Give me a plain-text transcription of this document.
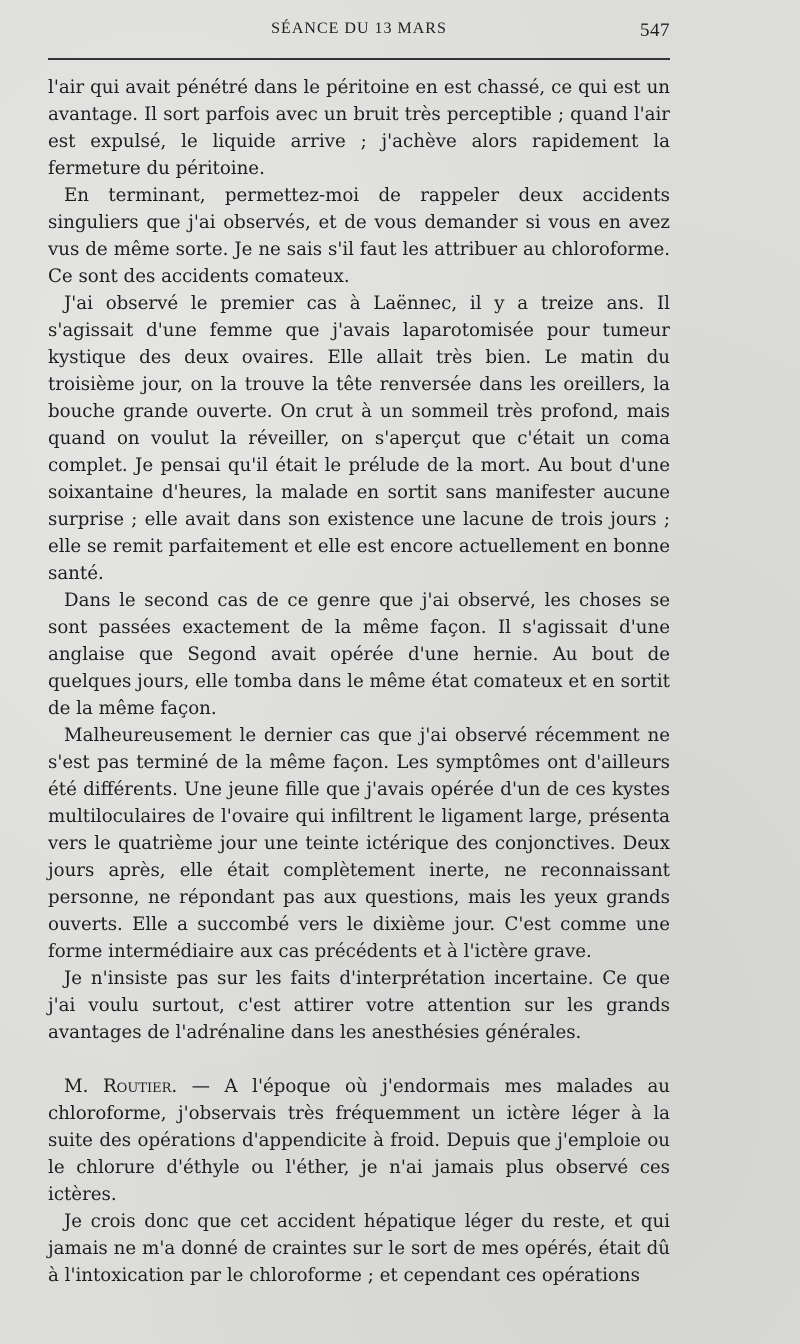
SÉANCE DU 13 MARS	547

l'air qui avait pénétré dans le péritoine en est chassé, ce qui est un avantage. Il sort parfois avec un bruit très perceptible ; quand l'air est expulsé, le liquide arrive ; j'achève alors rapidement la fermeture du péritoine.

En terminant, permettez-moi de rappeler deux accidents singuliers que j'ai observés, et de vous demander si vous en avez vus de même sorte. Je ne sais s'il faut les attribuer au chloroforme. Ce sont des accidents comateux.

J'ai observé le premier cas à Laënnec, il y a treize ans. Il s'agissait d'une femme que j'avais laparotomisée pour tumeur kystique des deux ovaires. Elle allait très bien. Le matin du troisième jour, on la trouve la tête renversée dans les oreillers, la bouche grande ouverte. On crut à un sommeil très profond, mais quand on voulut la réveiller, on s'aperçut que c'était un coma complet. Je pensai qu'il était le prélude de la mort. Au bout d'une soixantaine d'heures, la malade en sortit sans manifester aucune surprise ; elle avait dans son existence une lacune de trois jours ; elle se remit parfaitement et elle est encore actuellement en bonne santé.

Dans le second cas de ce genre que j'ai observé, les choses se sont passées exactement de la même façon. Il s'agissait d'une anglaise que Segond avait opérée d'une hernie. Au bout de quelques jours, elle tomba dans le même état comateux et en sortit de la même façon.

Malheureusement le dernier cas que j'ai observé récemment ne s'est pas terminé de la même façon. Les symptômes ont d'ailleurs été différents. Une jeune fille que j'avais opérée d'un de ces kystes multiloculaires de l'ovaire qui infiltrent le ligament large, présenta vers le quatrième jour une teinte ictérique des conjonctives. Deux jours après, elle était complètement inerte, ne reconnaissant personne, ne répondant pas aux questions, mais les yeux grands ouverts. Elle a succombé vers le dixième jour. C'est comme une forme intermédiaire aux cas précédents et à l'ictère grave.

Je n'insiste pas sur les faits d'interprétation incertaine. Ce que j'ai voulu surtout, c'est attirer votre attention sur les grands avantages de l'adrénaline dans les anesthésies générales.

M. Routier. — A l'époque où j'endormais mes malades au chloroforme, j'observais très fréquemment un ictère léger à la suite des opérations d'appendicite à froid. Depuis que j'emploie ou le chlorure d'éthyle ou l'éther, je n'ai jamais plus observé ces ictères.

Je crois donc que cet accident hépatique léger du reste, et qui jamais ne m'a donné de craintes sur le sort de mes opérés, était dû à l'intoxication par le chloroforme ; et cependant ces opérations
